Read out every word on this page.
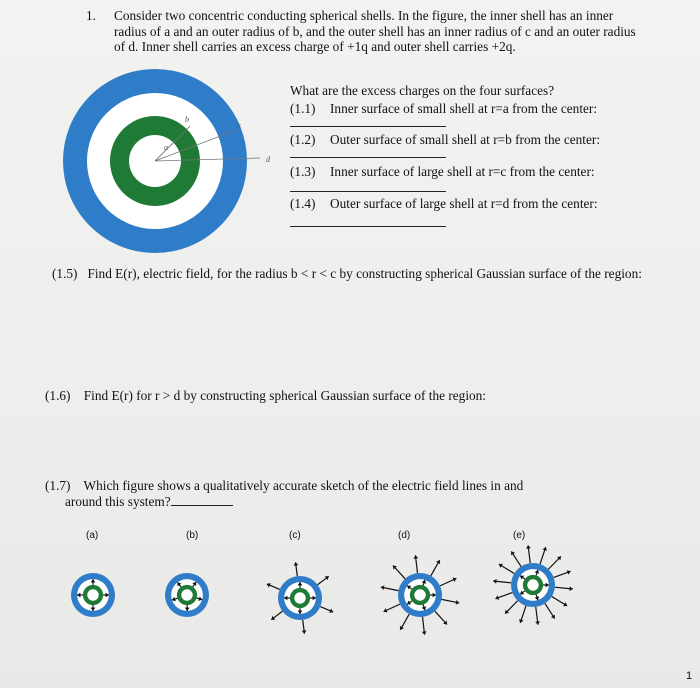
1. Consider two concentric conducting spherical shells. In the figure, the inner shell has an inner radius of a and an outer radius of b, and the outer shell has an inner radius of c and an outer radius of d. Inner shell carries an excess charge of +1q and outer shell carries +2q.
a
b
c
d
What are the excess charges on the four surfaces?
(1.1) Inner surface of small shell at r=a from the center:
(1.2) Outer surface of small shell at r=b from the center:
(1.3) Inner surface of large shell at r=c from the center:
(1.4) Outer surface of large shell at r=d from the center:
(1.5) Find E(r), electric field, for the radius b < r < c by constructing spherical Gaussian surface of the region:
(1.6) Find E(r) for r > d by constructing spherical Gaussian surface of the region:
(1.7) Which figure shows a qualitatively accurate sketch of the electric field lines in and
around this system?
(a)	(b)	(c)	(d)	(e)
1
